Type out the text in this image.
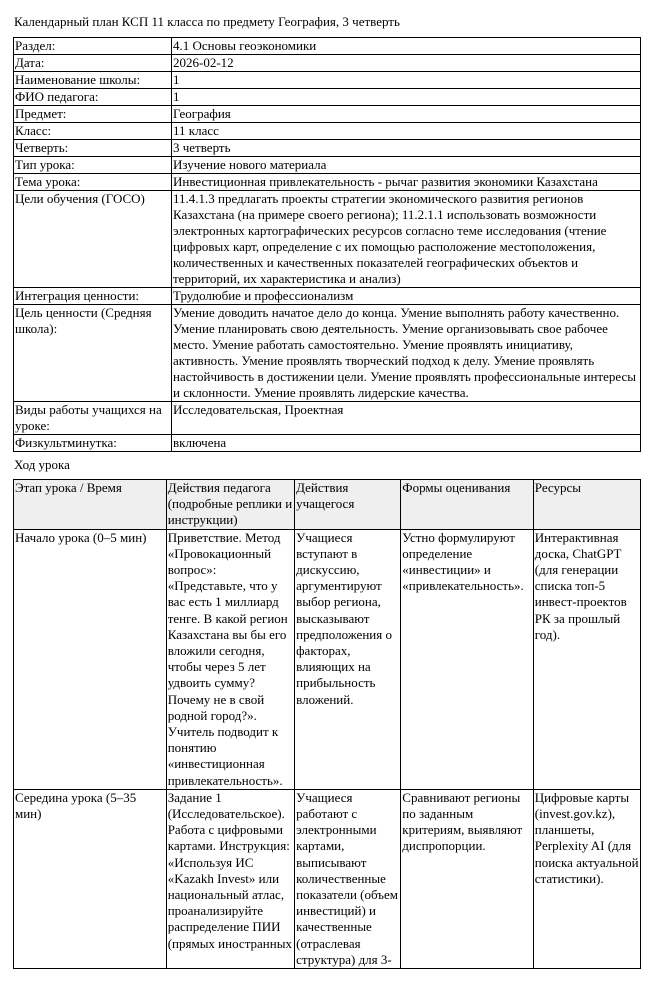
Календарный план КСП 11 класса по предмету География, 3 четверть
Раздел:	4.1 Основы геоэкономики
Дата:	2026-02-12
Наименование школы:	1
ФИО педагога:	1
Предмет:	География
Класс:	11 класс
Четверть:	3 четверть
Тип урока:	Изучение нового материала
Тема урока:	Инвестиционная привлекательность - рычаг развития экономики Казахстана
Цели обучения (ГОСО)	11.4.1.3 предлагать проекты стратегии экономического развития регионов Казахстана (на примере своего региона); 11.2.1.1 использовать возможности электронных картографических ресурсов согласно теме исследования (чтение цифровых карт, определение с их помощью расположение местоположения, количественных и качественных показателей географических объектов и территорий, их характеристика и анализ)
Интеграция ценности:	Трудолюбие и профессионализм
Цель ценности (Средняя школа):	Умение доводить начатое дело до конца. Умение выполнять работу качественно. Умение планировать свою деятельность. Умение организовывать свое рабочее место. Умение работать самостоятельно. Умение проявлять инициативу, активность. Умение проявлять творческий подход к делу. Умение проявлять настойчивость в достижении цели. Умение проявлять профессиональные интересы и склонности. Умение проявлять лидерские качества.
Виды работы учащихся на уроке:	Исследовательская, Проектная
Физкультминутка:	включена
Ход урока
Этап урока / Время	Действия педагога (подробные реплики и инструкции)	Действия учащегося	Формы оценивания	Ресурсы
Начало урока (0–5 мин)	Приветствие. Метод «Провокационный вопрос»: «Представьте, что у вас есть 1 миллиард тенге. В какой регион Казахстана вы бы его вложили сегодня, чтобы через 5 лет удвоить сумму? Почему не в свой родной город?». Учитель подводит к понятию «инвестиционная привлекательность».	Учащиеся вступают в дискуссию, аргументируют выбор региона, высказывают предположения о факторах, влияющих на прибыльность вложений.	Устно формулируют определение «инвестиции» и «привлекательность».	Интерактивная доска, ChatGPT (для генерации списка топ-5 инвест-проектов РК за прошлый год).
Середина урока (5–35 мин)	Задание 1 (Исследовательское). Работа с цифровыми картами. Инструкция: «Используя ИС «Kazakh Invest» или национальный атлас, проанализируйте распределение ПИИ (прямых иностранных	Учащиеся работают с электронными картами, выписывают количественные показатели (объем инвестиций) и качественные (отраслевая структура) для 3-	Сравнивают регионы по заданным критериям, выявляют диспропорции.	Цифровые карты (invest.gov.kz), планшеты, Perplexity AI (для поиска актуальной статистики).
